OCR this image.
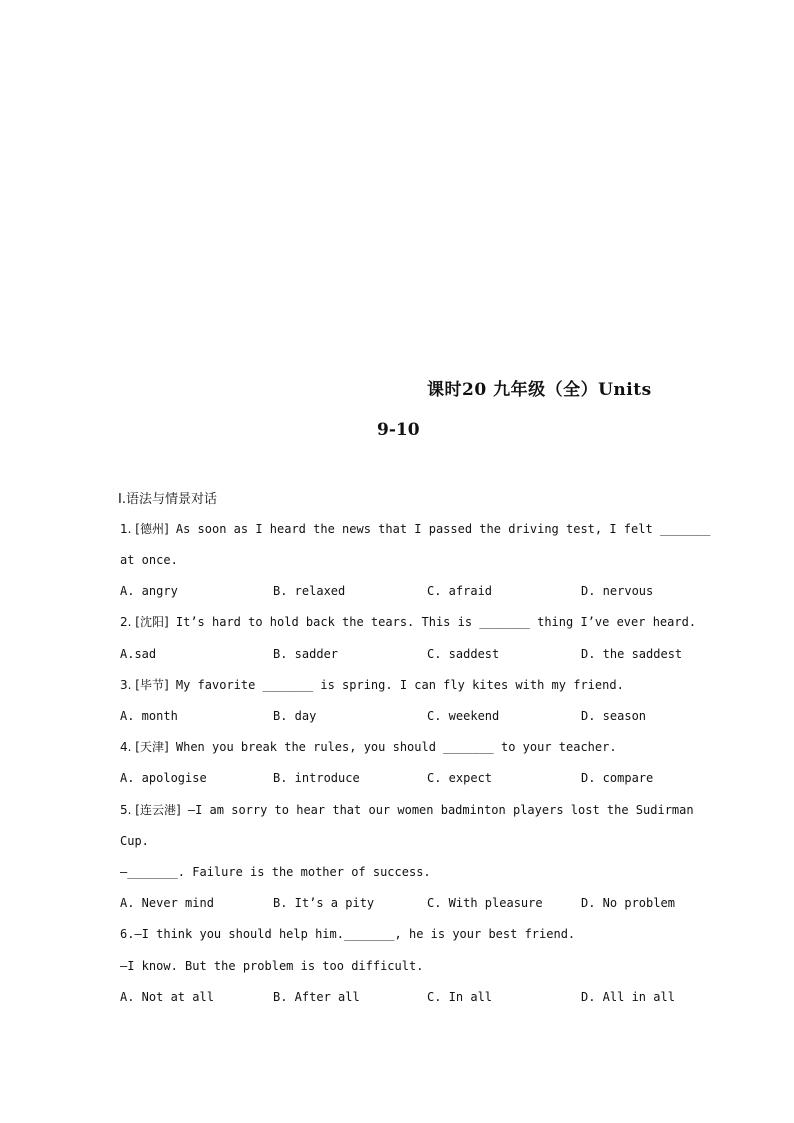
课时20 九年级（全）Units
9-10
Ⅰ.语法与情景对话
1. [德州] As soon as I heard the news that I passed the driving test, I felt _______
at once.
A. angry	B. relaxed	C. afraid	D. nervous
2. [沈阳] It’s hard to hold back the tears. This is _______ thing I’ve ever heard.
A.sad	B. sadder	C. saddest	D. the saddest
3. [毕节] My favorite _______ is spring. I can fly kites with my friend.
A. month	B. day	C. weekend	D. season
4. [天津] When you break the rules, you should _______ to your teacher.
A. apologise	B. introduce	C. expect	D. compare
5. [连云港] —I am sorry to hear that our women badminton players lost the Sudirman
Cup.
—_______. Failure is the mother of success.
A. Never mind	B. It’s a pity	C. With pleasure	D. No problem
6.—I think you should help him._______, he is your best friend.
—I know. But the problem is too difficult.
A. Not at all	B. After all	C. In all	D. All in all
